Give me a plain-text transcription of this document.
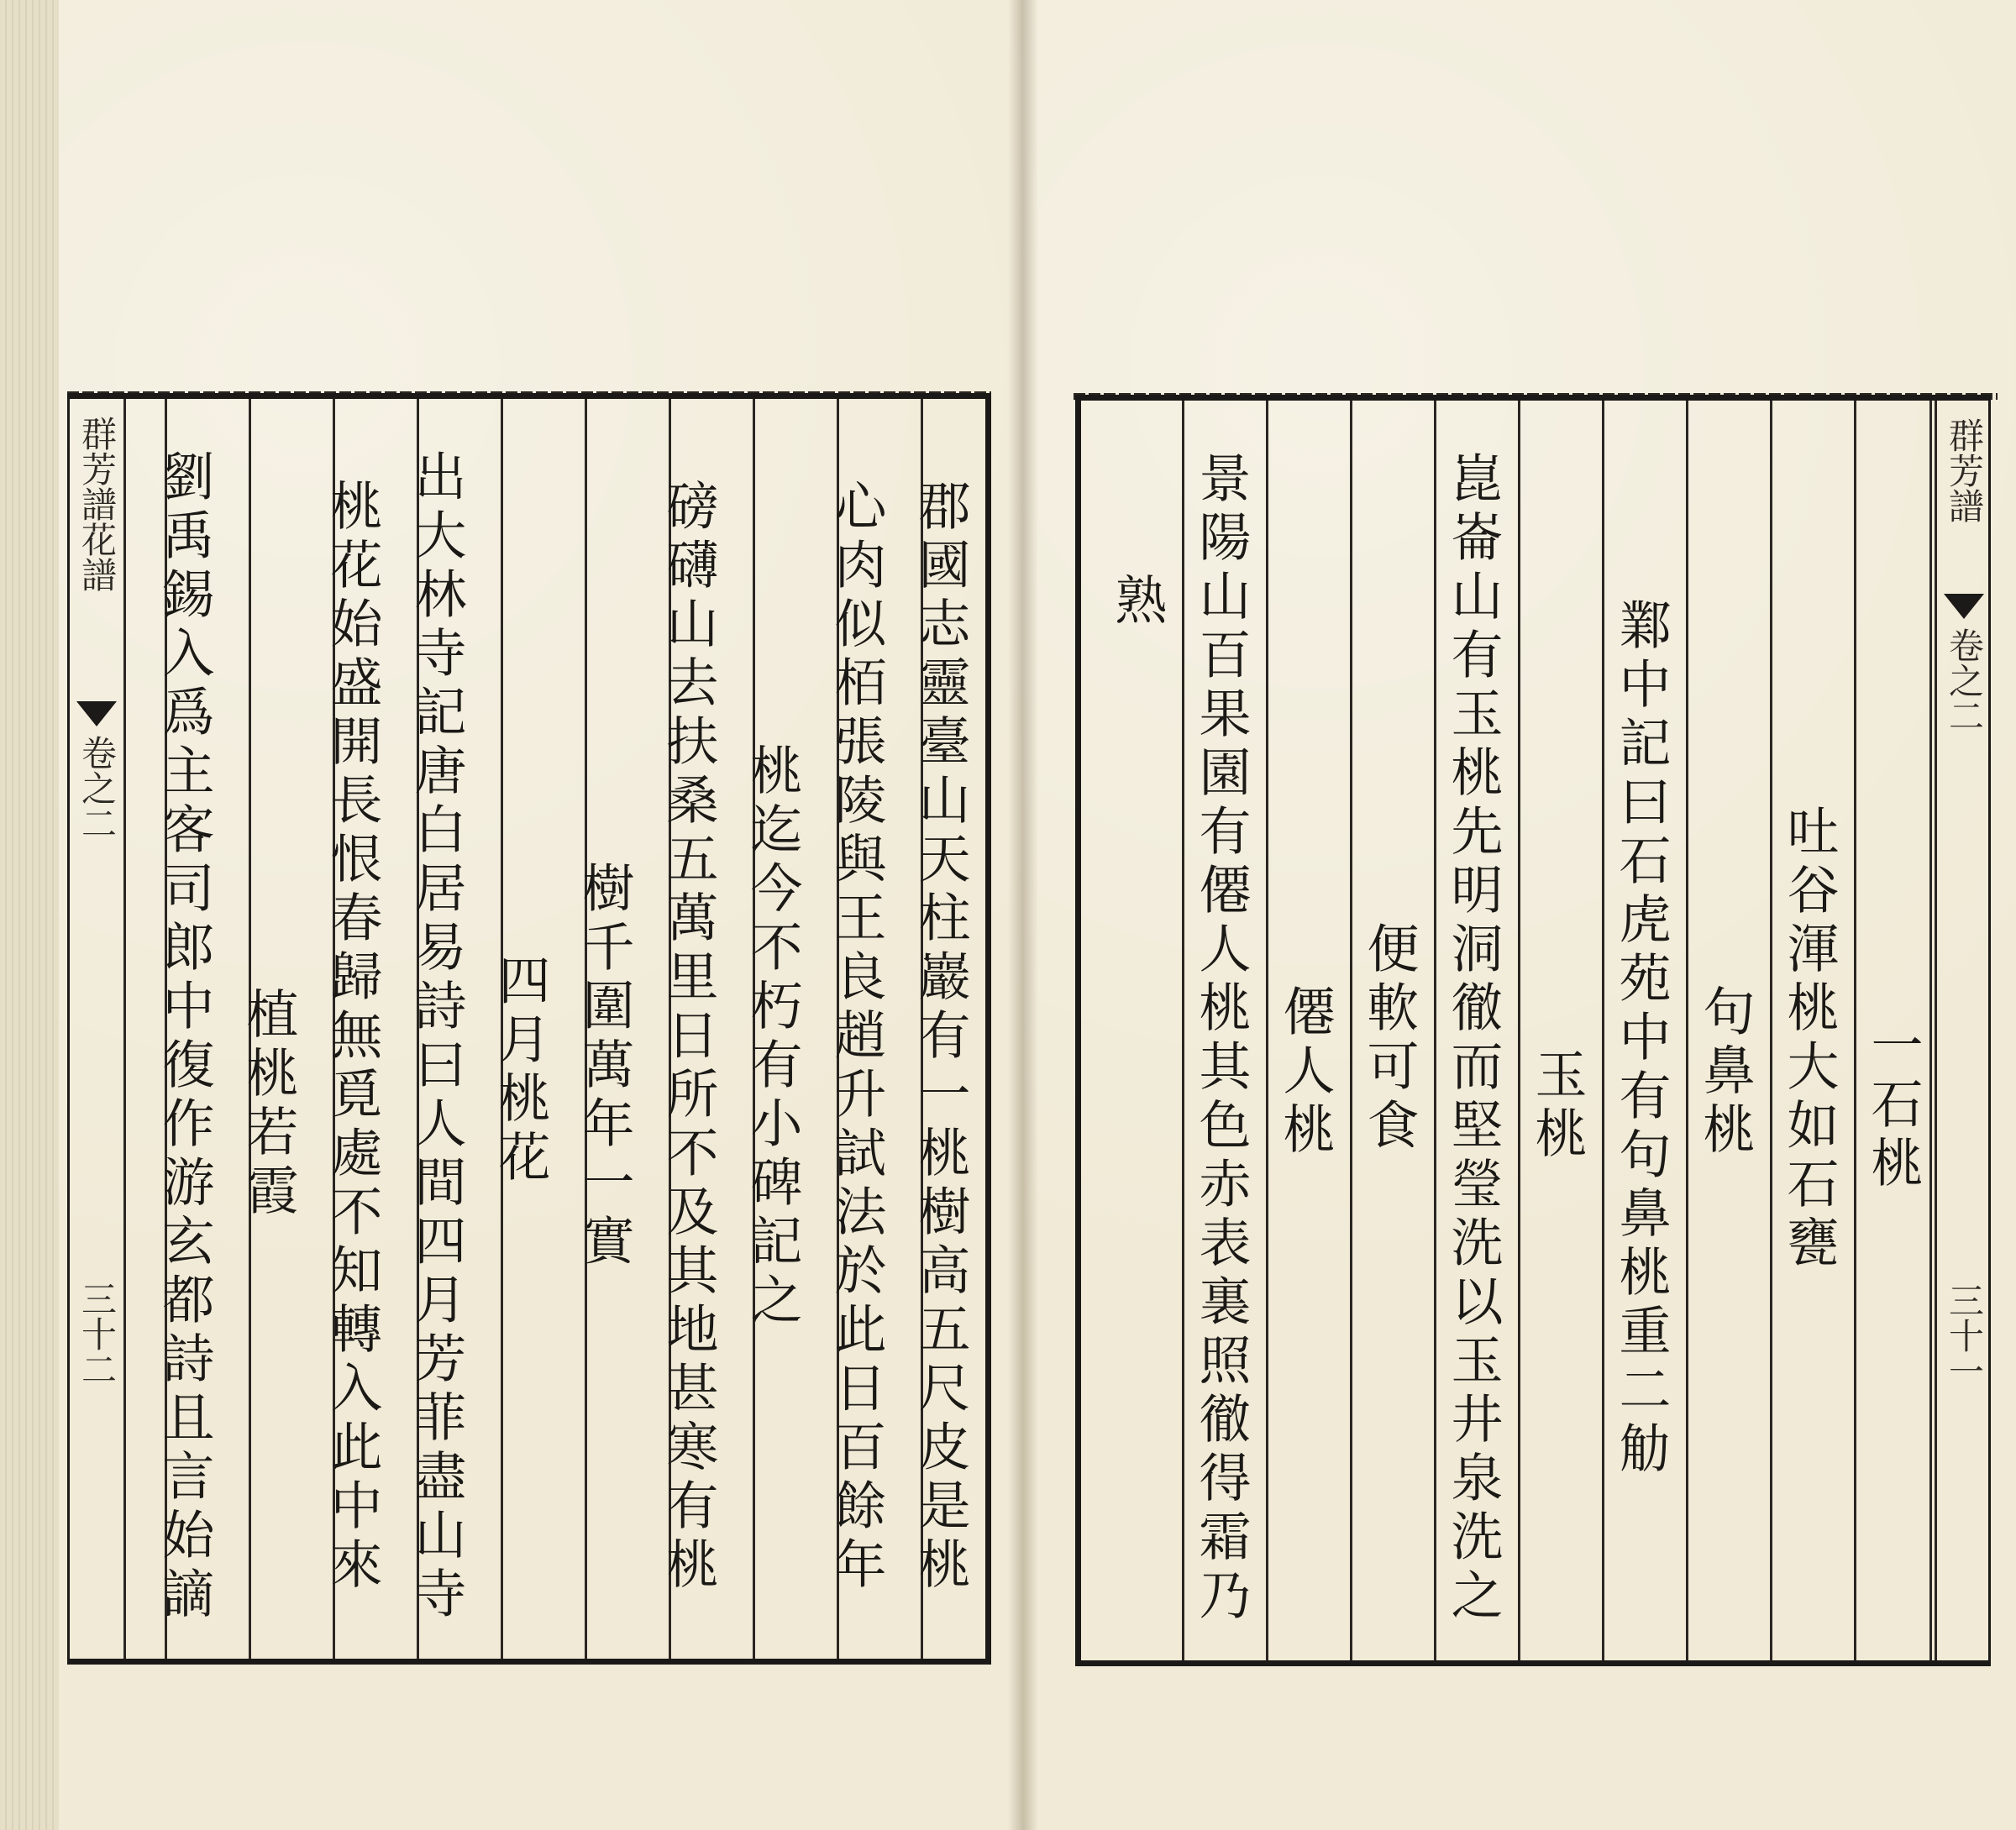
群芳譜花譜
卷之二
三十二	郡國志靈臺山天柱巖有一桃樹高五尺皮是桃
心肉似栢張陵與王良趙升試法於此日百餘年
桃迄今不朽有小碑記之
磅礴山去扶桑五萬里日所不及其地甚寒有桃
樹千圍萬年一實
四月桃花
出大林寺記唐白居易詩曰人間四月芳菲盡山寺
桃花始盛開長恨春歸無覓處不知轉入此中來
植桃若霞
劉禹錫入爲主客司郎中復作游玄都詩且言始謫	一石桃
吐谷渾桃大如石甕
句鼻桃
鄴中記曰石虎苑中有句鼻桃重二觔
玉桃
崑崙山有玉桃先明洞徹而堅瑩洗以玉井泉洗之
便軟可食
僊人桃
景陽山百果園有僊人桃其色赤表裏照徹得霜乃
熟
群芳譜
卷之二
三十一
